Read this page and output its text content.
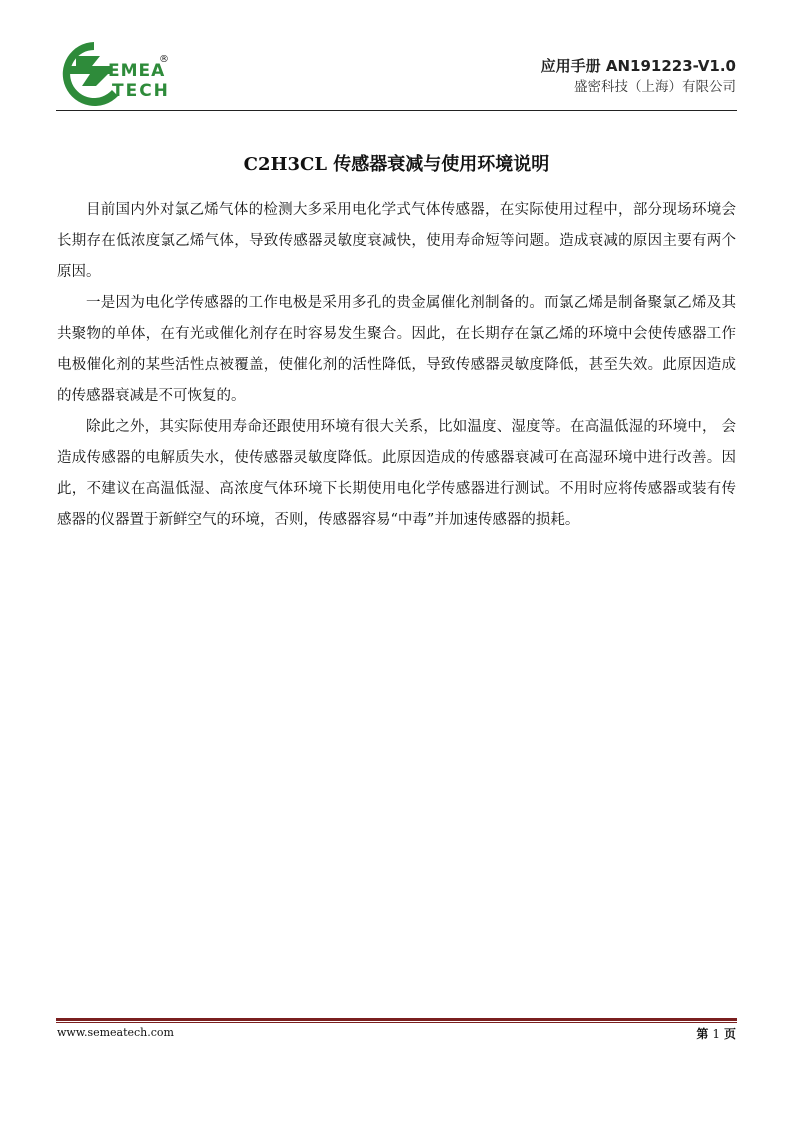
EMEA
TECH
®	应用手册 AN191223-V1.0
盛密科技（上海）有限公司
C2H3CL 传感器衰减与使用环境说明

目前国内外对氯乙烯气体的检测大多采用电化学式气体传感器，在实际使用过程中，部分现场环境会长期存在低浓度氯乙烯气体，导致传感器灵敏度衰减快，使用寿命短等问题。造成衰减的原因主要有两个原因。

一是因为电化学传感器的工作电极是采用多孔的贵金属催化剂制备的。而氯乙烯是制备聚氯乙烯及其共聚物的单体，在有光或催化剂存在时容易发生聚合。因此，在长期存在氯乙烯的环境中会使传感器工作电极催化剂的某些活性点被覆盖，使催化剂的活性降低，导致传感器灵敏度降低，甚至失效。此原因造成的传感器衰减是不可恢复的。

除此之外，其实际使用寿命还跟使用环境有很大关系，比如温度、湿度等。在高温低湿的环境中， 会造成传感器的电解质失水，使传感器灵敏度降低。此原因造成的传感器衰减可在高湿环境中进行改善。因此，不建议在高温低湿、高浓度气体环境下长期使用电化学传感器进行测试。不用时应将传感器或装有传感器的仪器置于新鲜空气的环境，否则，传感器容易“中毒”并加速传感器的损耗。

www.semeatech.com	第 1 页
